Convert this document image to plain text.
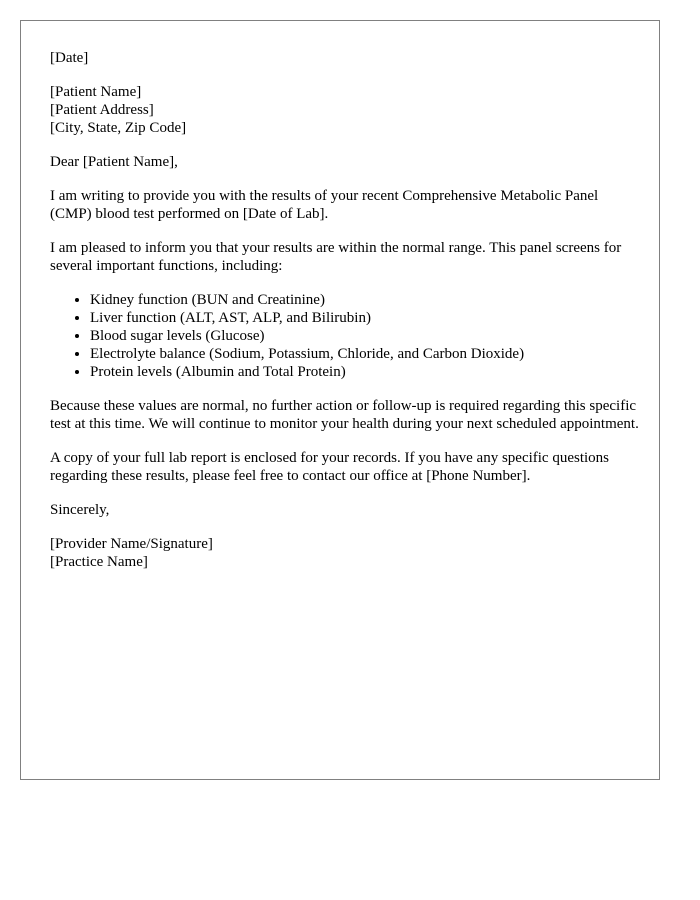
[Date]
[Patient Name]
[Patient Address]
[City, State, Zip Code]

Dear [Patient Name],

I am writing to provide you with the results of your recent Comprehensive Metabolic Panel (CMP) blood test performed on [Date of Lab].

I am pleased to inform you that your results are within the normal range. This panel screens for several important functions, including:

• Kidney function (BUN and Creatinine)
• Liver function (ALT, AST, ALP, and Bilirubin)
• Blood sugar levels (Glucose)
• Electrolyte balance (Sodium, Potassium, Chloride, and Carbon Dioxide)
• Protein levels (Albumin and Total Protein)

Because these values are normal, no further action or follow-up is required regarding this specific test at this time. We will continue to monitor your health during your next scheduled appointment.

A copy of your full lab report is enclosed for your records. If you have any specific questions regarding these results, please feel free to contact our office at [Phone Number].

Sincerely,

[Provider Name/Signature]
[Practice Name]
